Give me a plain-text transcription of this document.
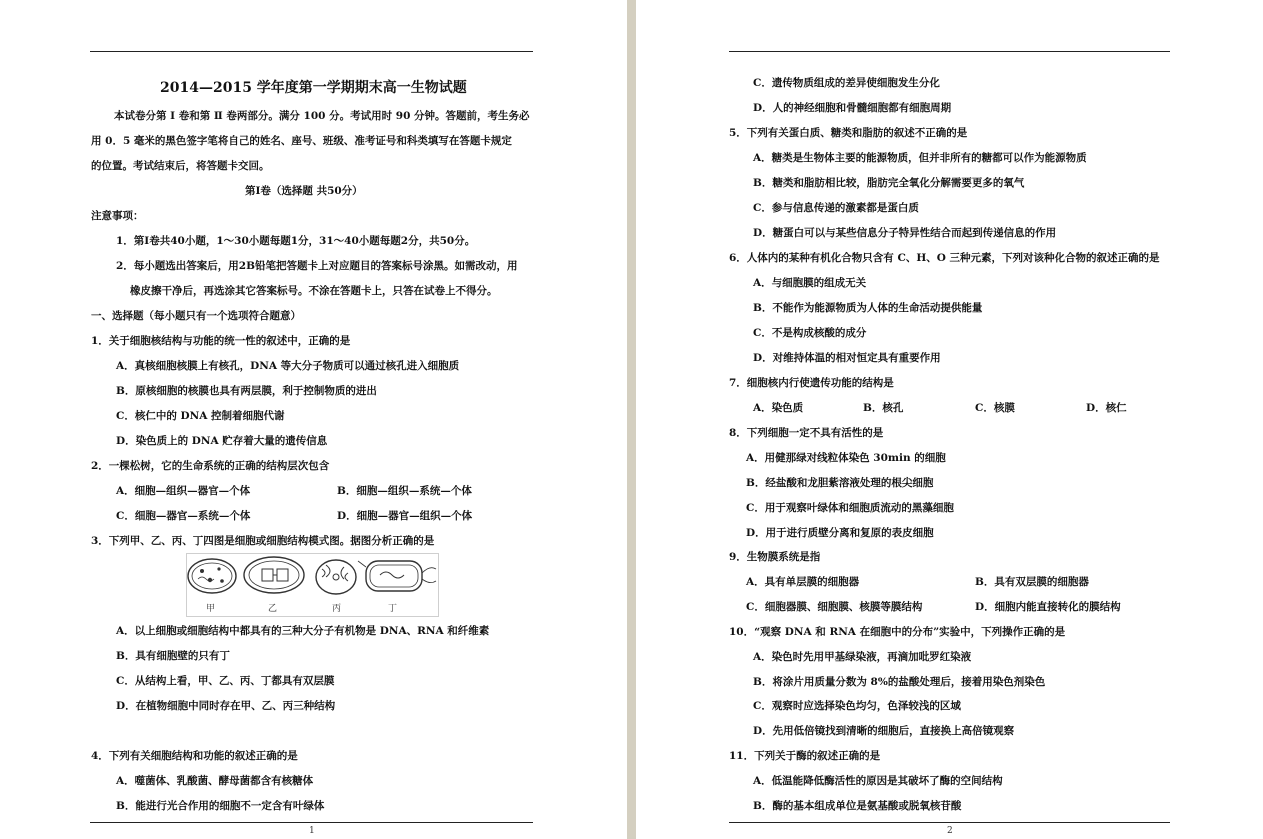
2014—2015 学年度第一学期期末高一生物试题
本试卷分第 Ⅰ 卷和第 Ⅱ 卷两部分。满分 100 分。考试用时 90 分钟。答题前，考生务必
用 0．5 毫米的黑色签字笔将自己的姓名、座号、班级、准考证号和科类填写在答题卡规定
的位置。考试结束后，将答题卡交回。
第Ⅰ卷（选择题 共50分）
注意事项：
1．第Ⅰ卷共40小题，1～30小题每题1分，31～40小题每题2分，共50分。
2．每小题选出答案后，用2B铅笔把答题卡上对应题目的答案标号涂黑。如需改动，用
橡皮擦干净后，再选涂其它答案标号。不涂在答题卡上，只答在试卷上不得分。
一、选择题（每小题只有一个选项符合题意）
1．关于细胞核结构与功能的统一性的叙述中，正确的是
A．真核细胞核膜上有核孔，DNA 等大分子物质可以通过核孔进入细胞质
B．原核细胞的核膜也具有两层膜，利于控制物质的进出
C．核仁中的 DNA 控制着细胞代谢
D．染色质上的 DNA 贮存着大量的遗传信息
2．一棵松树，它的生命系统的正确的结构层次包含
A．细胞—组织—器官—个体	B．细胞—组织—系统—个体
C．细胞—器官—系统—个体	D．细胞—器官—组织—个体
3．下列甲、乙、丙、丁四图是细胞或细胞结构模式图。据图分析正确的是
甲	乙	丙	丁
A．以上细胞或细胞结构中都具有的三种大分子有机物是 DNA、RNA 和纤维素
B．具有细胞壁的只有丁
C．从结构上看，甲、乙、丙、丁都具有双层膜
D．在植物细胞中同时存在甲、乙、丙三种结构
4．下列有关细胞结构和功能的叙述正确的是
A．噬菌体、乳酸菌、酵母菌都含有核糖体
B．能进行光合作用的细胞不一定含有叶绿体
1
C．遗传物质组成的差异使细胞发生分化
D．人的神经细胞和骨髓细胞都有细胞周期
5．下列有关蛋白质、糖类和脂肪的叙述不正确的是
A．糖类是生物体主要的能源物质，但并非所有的糖都可以作为能源物质
B．糖类和脂肪相比较，脂肪完全氧化分解需要更多的氧气
C．参与信息传递的激素都是蛋白质
D．糖蛋白可以与某些信息分子特异性结合而起到传递信息的作用
6．人体内的某种有机化合物只含有 C、H、O 三种元素，下列对该种化合物的叙述正确的是
A．与细胞膜的组成无关
B．不能作为能源物质为人体的生命活动提供能量
C．不是构成核酸的成分
D．对维持体温的相对恒定具有重要作用
7．细胞核内行使遗传功能的结构是
A．染色质	B．核孔	C．核膜	D．核仁
8．下列细胞一定不具有活性的是
A．用健那绿对线粒体染色 30min 的细胞
B．经盐酸和龙胆紫溶液处理的根尖细胞
C．用于观察叶绿体和细胞质流动的黑藻细胞
D．用于进行质壁分离和复原的表皮细胞
9．生物膜系统是指
A．具有单层膜的细胞器	B．具有双层膜的细胞器
C．细胞器膜、细胞膜、核膜等膜结构	D．细胞内能直接转化的膜结构
10．“观察 DNA 和 RNA 在细胞中的分布”实验中，下列操作正确的是
A．染色时先用甲基绿染液，再滴加吡罗红染液
B．将涂片用质量分数为 8%的盐酸处理后，接着用染色剂染色
C．观察时应选择染色均匀，色泽较浅的区域
D．先用低倍镜找到清晰的细胞后，直接换上高倍镜观察
11．下列关于酶的叙述正确的是
A．低温能降低酶活性的原因是其破坏了酶的空间结构
B．酶的基本组成单位是氨基酸或脱氧核苷酸
2
